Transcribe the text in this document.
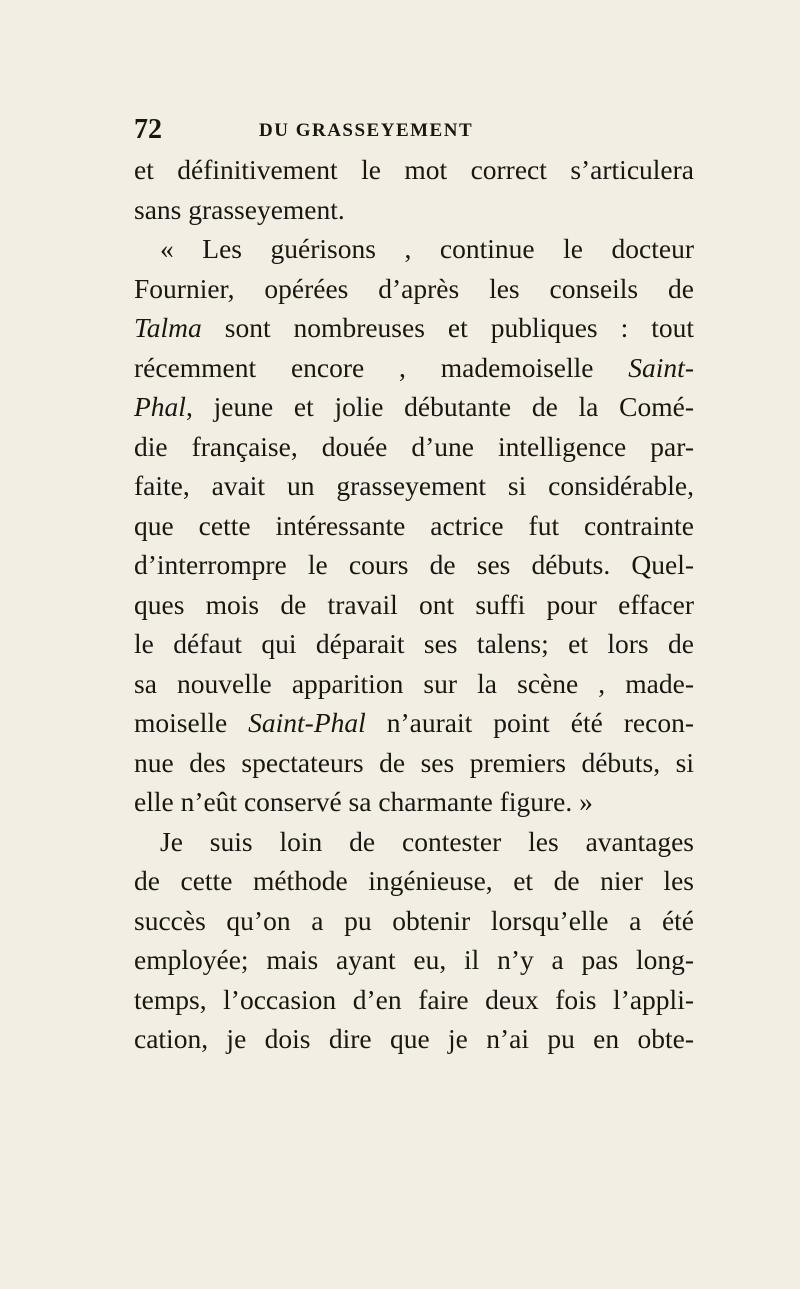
72	DU GRASSEYEMENT
et définitivement le mot correct s’articulera
sans grasseyement.
« Les guérisons , continue le docteur
Fournier, opérées d’après les conseils de
Talma sont nombreuses et publiques : tout
récemment encore , mademoiselle Saint-
Phal, jeune et jolie débutante de la Comé-
die française, douée d’une intelligence par-
faite, avait un grasseyement si considérable,
que cette intéressante actrice fut contrainte
d’interrompre le cours de ses débuts. Quel-
ques mois de travail ont suffi pour effacer
le défaut qui déparait ses talens; et lors de
sa nouvelle apparition sur la scène , made-
moiselle Saint-Phal n’aurait point été recon-
nue des spectateurs de ses premiers débuts, si
elle n’eût conservé sa charmante figure. »
Je suis loin de contester les avantages
de cette méthode ingénieuse, et de nier les
succès qu’on a pu obtenir lorsqu’elle a été
employée; mais ayant eu, il n’y a pas long-
temps, l’occasion d’en faire deux fois l’appli-
cation, je dois dire que je n’ai pu en obte-
